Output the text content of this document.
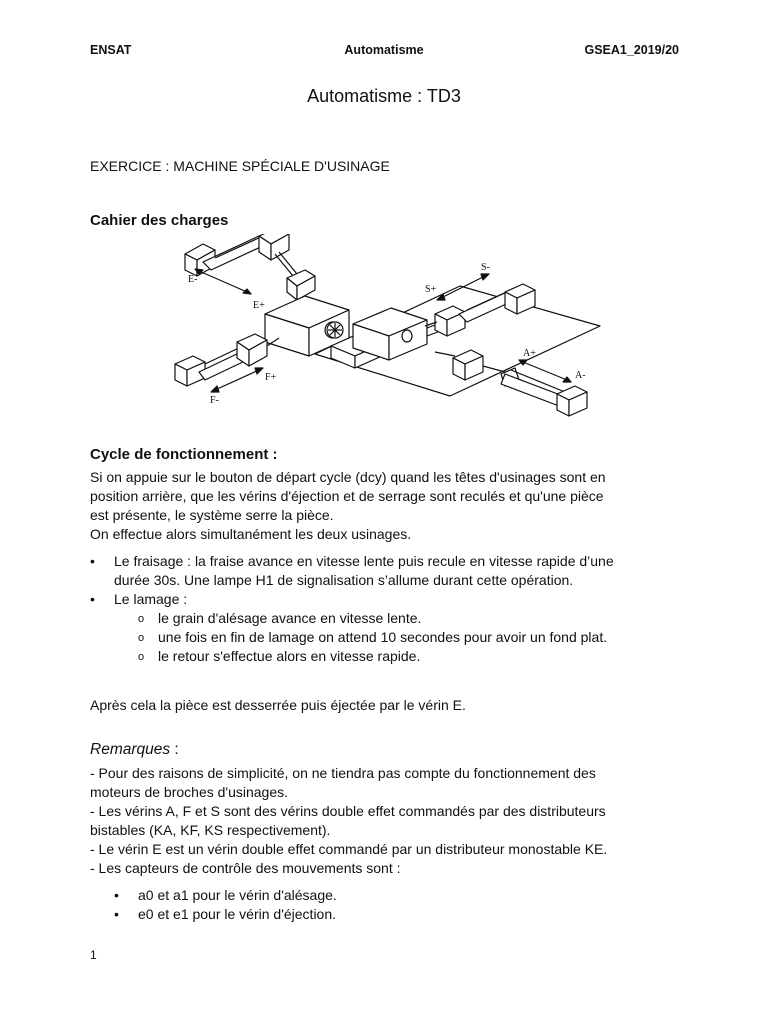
ENSAT	Automatisme	GSEA1_2019/20
Automatisme : TD3
EXERCICE : MACHINE SPÉCIALE D'USINAGE
Cahier des charges
E-
E+
F+
F-
S-
S+
A+
A-
Cycle de fonctionnement :

Si on appuie sur le bouton de départ cycle (dcy) quand les têtes d'usinages sont en

position arrière, que les vérins d'éjection et de serrage sont reculés et qu'une pièce

est présente, le système serre la pièce.

On effectue alors simultanément les deux usinages.

• Le fraisage : la fraise avance en vitesse lente puis recule en vitesse rapide d’une
durée 30s. Une lampe H1 de signalisation s’allume durant cette opération.
• Le lamage :
o le grain d'alésage avance en vitesse lente.
o une fois en fin de lamage on attend 10 secondes pour avoir un fond plat.
o le retour s'effectue alors en vitesse rapide.
Après cela la pièce est desserrée puis éjectée par le vérin E.
Remarques :

- Pour des raisons de simplicité, on ne tiendra pas compte du fonctionnement des

moteurs de broches d'usinages.

- Les vérins A, F et S sont des vérins double effet commandés par des distributeurs

bistables (KA, KF, KS respectivement).

- Le vérin E est un vérin double effet commandé par un distributeur monostable KE.

- Les capteurs de contrôle des mouvements sont :

• a0 et a1 pour le vérin d'alésage.
• e0 et e1 pour le vérin d'éjection.
1
